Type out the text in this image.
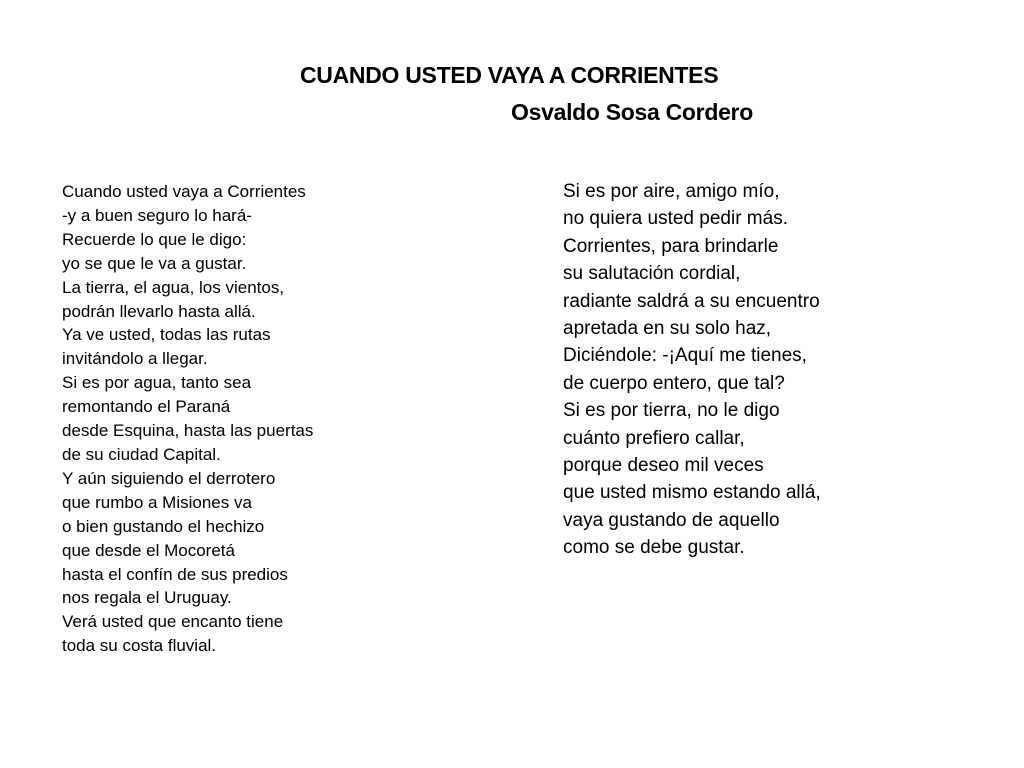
CUANDO USTED VAYA A CORRIENTES
Osvaldo Sosa Cordero
Cuando usted vaya a Corrientes
-y a buen seguro lo hará-
Recuerde lo que le digo:
yo se que le va a gustar.
La tierra, el agua, los vientos,
podrán llevarlo hasta allá.
Ya ve usted, todas las rutas
invitándolo a llegar.
Si es por agua, tanto sea
remontando el Paraná
desde Esquina, hasta las puertas
de su ciudad Capital.
Y aún siguiendo el derrotero
que rumbo a Misiones va
o bien gustando el hechizo
que desde el Mocoretá
hasta el confín de sus predios
nos regala el Uruguay.
Verá usted que encanto tiene
toda su costa fluvial.
Si es por aire, amigo mío,
no quiera usted pedir más.
Corrientes, para brindarle
su salutación cordial,
radiante saldrá a su encuentro
apretada en su solo haz,
Diciéndole: -¡Aquí me tienes,
de cuerpo entero, que tal?
Si es por tierra, no le digo
cuánto prefiero callar,
porque deseo mil veces
que usted mismo estando allá,
vaya gustando de aquello
como se debe gustar.
